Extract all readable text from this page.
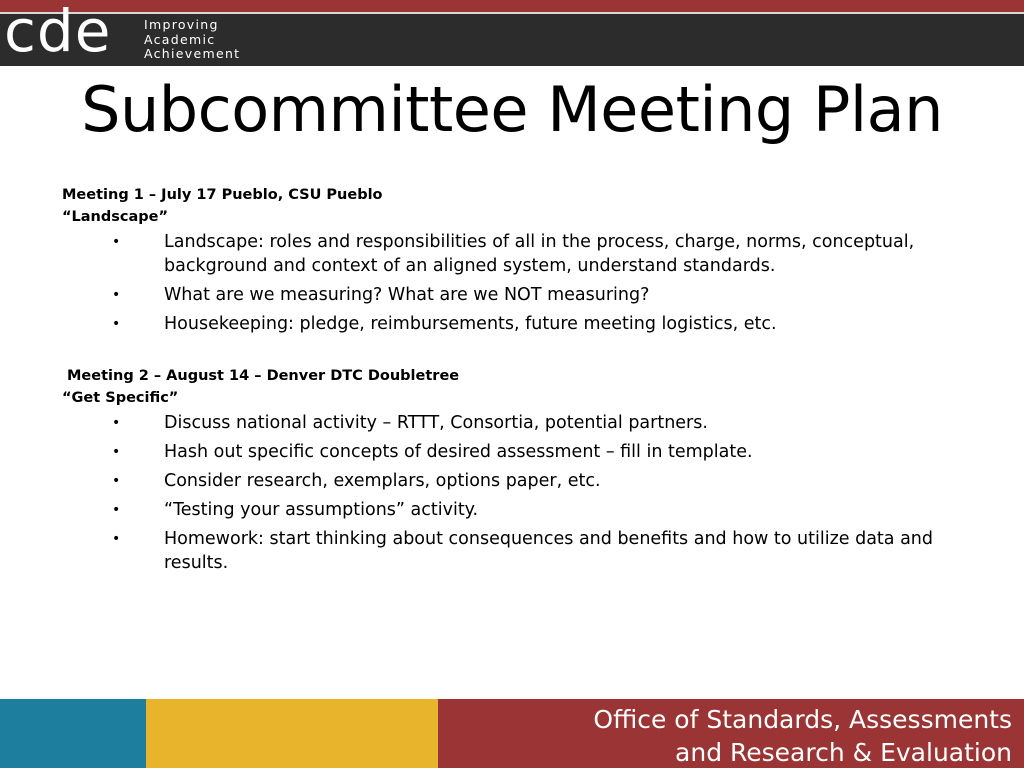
cde	Improving
Academic
Achievement
Subcommittee Meeting Plan
Meeting 1 – July 17 Pueblo, CSU Pueblo
“Landscape”
• Landscape: roles and responsibilities of all in the process, charge, norms, conceptual, background and context of an aligned system, understand standards.
• What are we measuring? What are we NOT measuring?
• Housekeeping: pledge, reimbursements, future meeting logistics, etc.
Meeting 2 – August 14 – Denver DTC Doubletree
“Get Specific”
• Discuss national activity – RTTT, Consortia, potential partners.
• Hash out specific concepts of desired assessment – fill in template.
• Consider research, exemplars, options paper, etc.
• “Testing your assumptions” activity.
• Homework: start thinking about consequences and benefits and how to utilize data and results.
Office of Standards, Assessments
and Research & Evaluation
